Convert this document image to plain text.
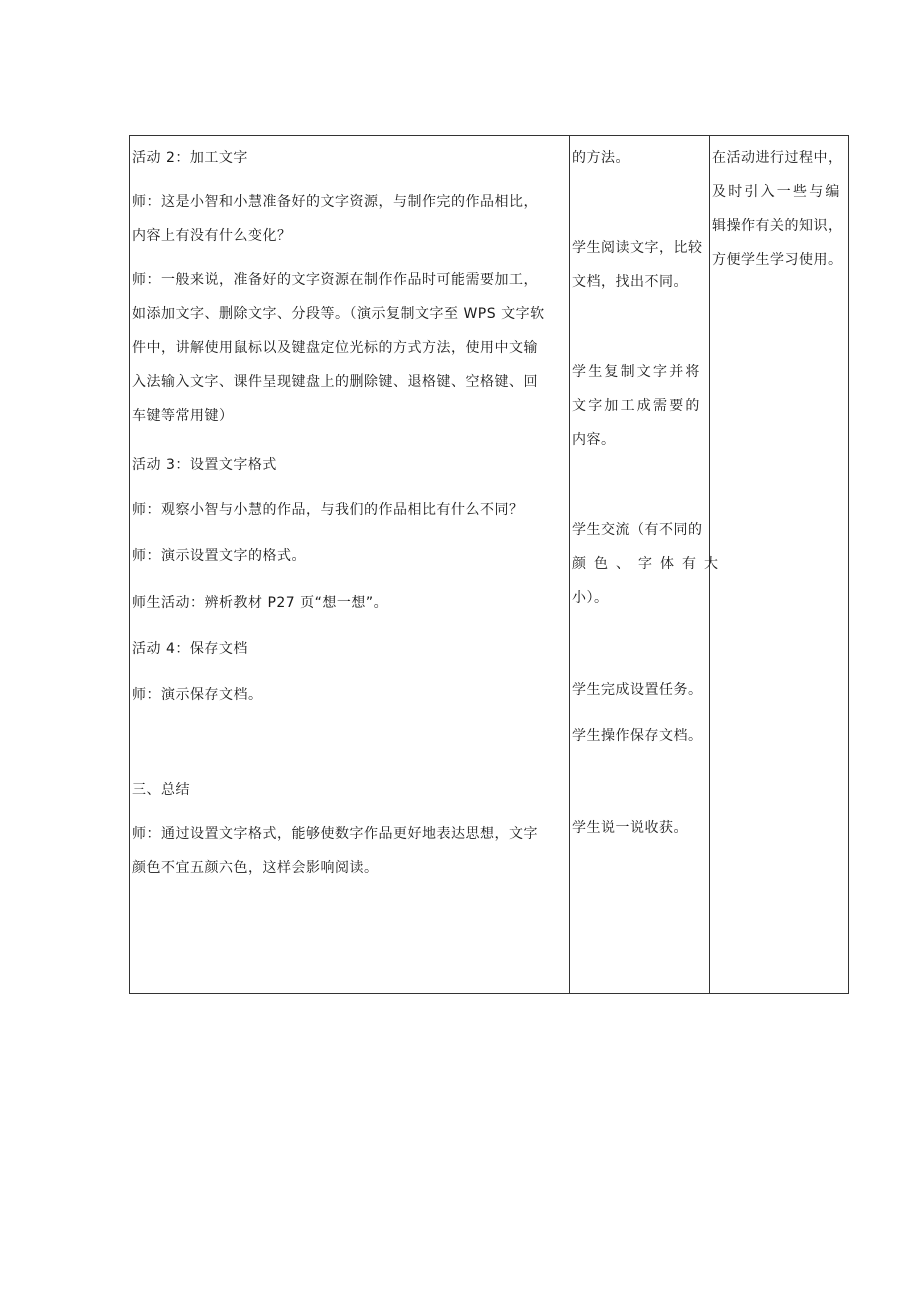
活动 2：加工文字
师：这是小智和小慧准备好的文字资源，与制作完的作品相比，
内容上有没有什么变化？
师：一般来说，准备好的文字资源在制作作品时可能需要加工，
如添加文字、删除文字、分段等。（演示复制文字至 WPS 文字软
件中，讲解使用鼠标以及键盘定位光标的方式方法，使用中文输
入法输入文字、课件呈现键盘上的删除键、退格键、空格键、回
车键等常用键）
活动 3：设置文字格式
师：观察小智与小慧的作品，与我们的作品相比有什么不同？
师：演示设置文字的格式。
师生活动：辨析教材 P27 页“想一想”。
活动 4：保存文档
师：演示保存文档。
三、总结
师：通过设置文字格式，能够使数字作品更好地表达思想，文字
颜色不宜五颜六色，这样会影响阅读。
的方法。
学生阅读文字，比较
文档，找出不同。
学生复制文字并将
文字加工成需要的
内容。
学生交流（有不同的
颜色、字体有大
小）。
学生完成设置任务。
学生操作保存文档。
学生说一说收获。
在活动进行过程中，
及时引入一些与编
辑操作有关的知识，
方便学生学习使用。
